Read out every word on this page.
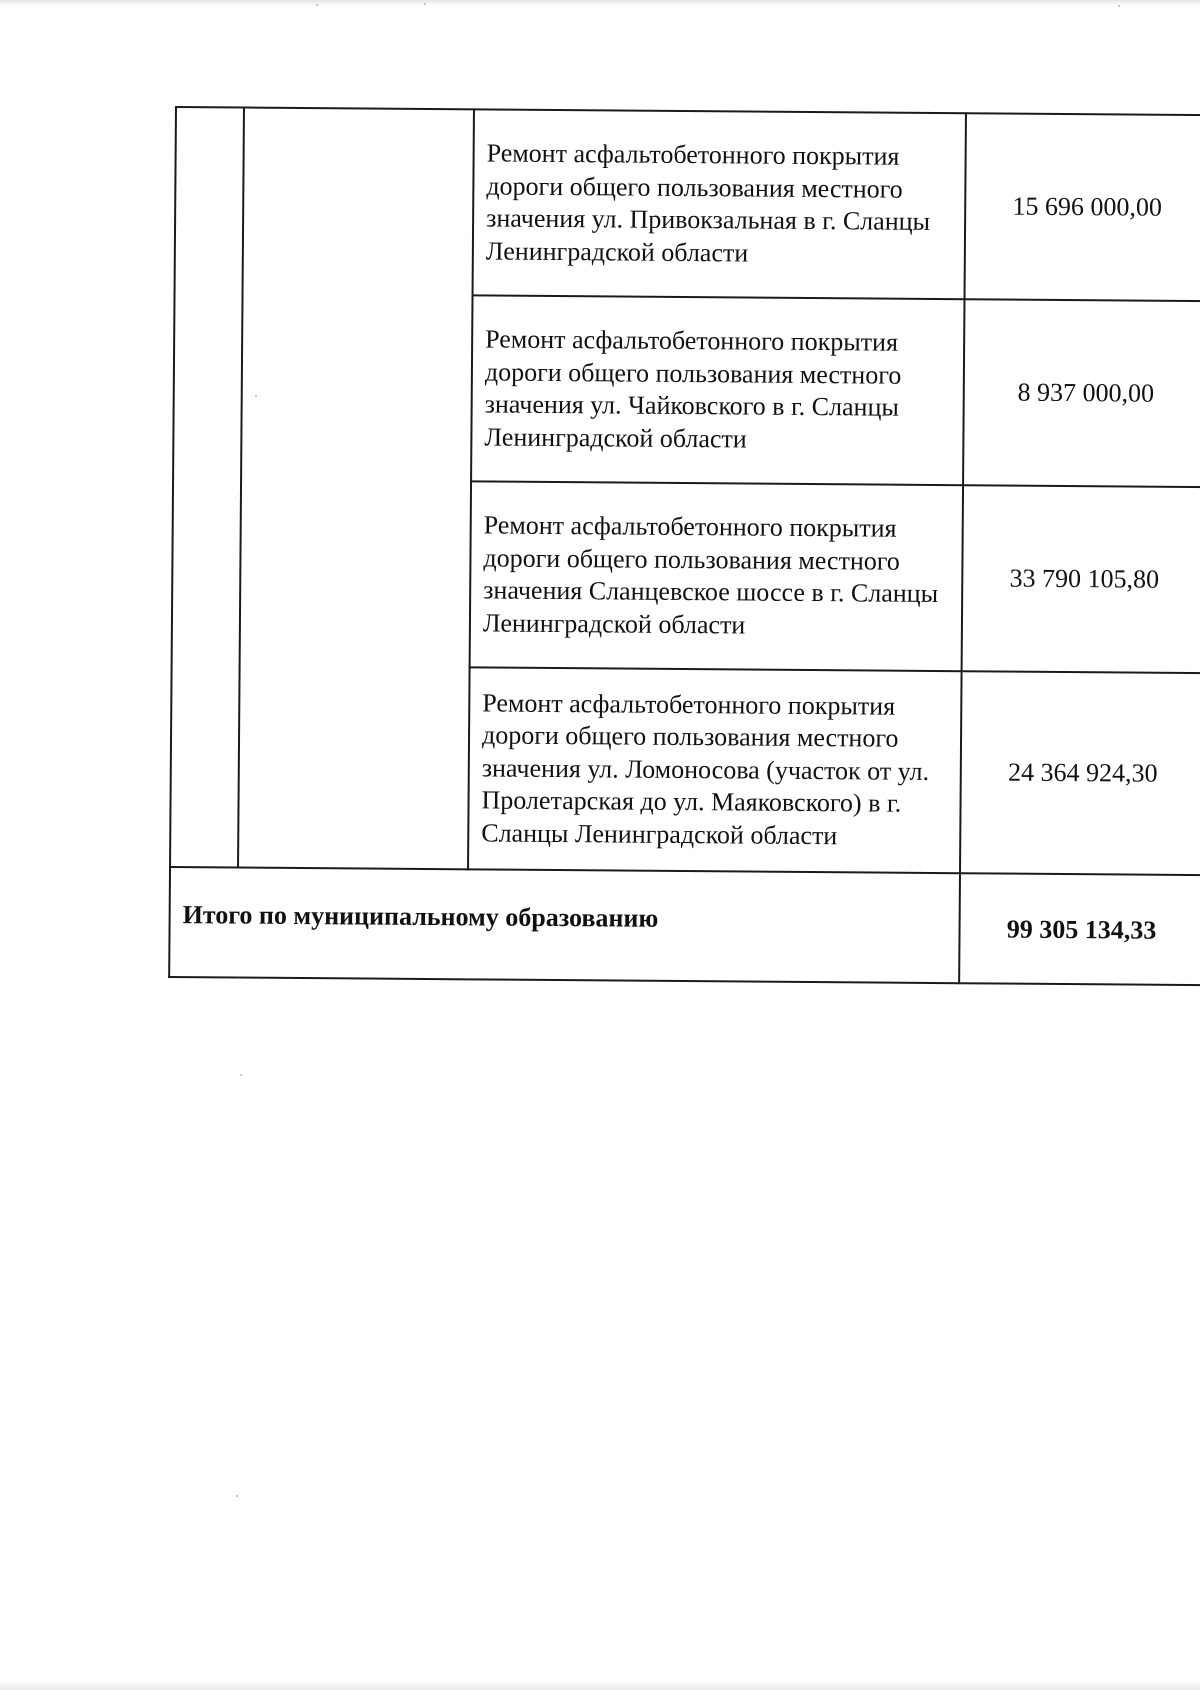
		Ремонт асфальтобетонного покрытия дороги общего пользования местного значения ул. Привокзальная в г. Сланцы Ленинградской области	15 696 000,00
		Ремонт асфальтобетонного покрытия дороги общего пользования местного значения ул. Чайковского в г. Сланцы Ленинградской области	8 937 000,00
		Ремонт асфальтобетонного покрытия дороги общего пользования местного значения Сланцевское шоссе в г. Сланцы Ленинградской области	33 790 105,80
		Ремонт асфальтобетонного покрытия дороги общего пользования местного значения ул. Ломоносова (участок от ул. Пролетарская до ул. Маяковского) в г. Сланцы Ленинградской области	24 364 924,30
Итого по муниципальному образованию			99 305 134,33
